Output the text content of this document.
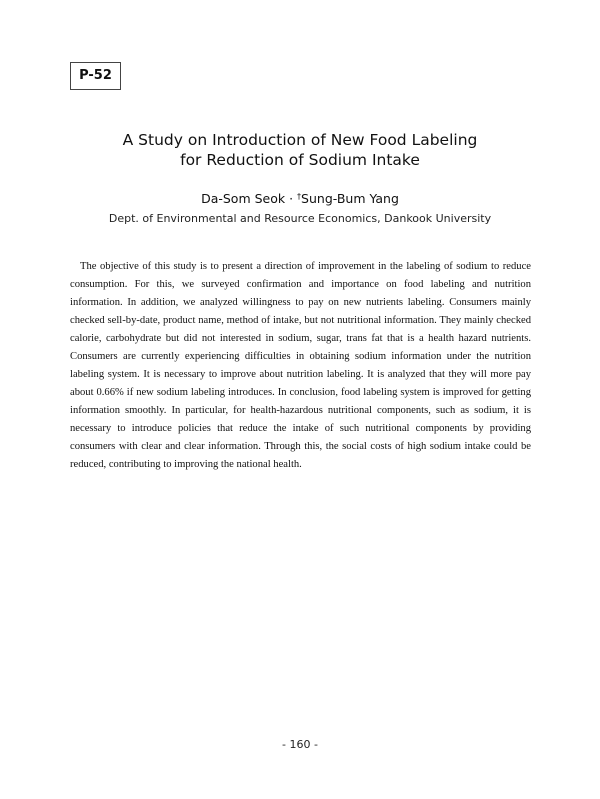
P-52
A Study on Introduction of New Food Labeling
for Reduction of Sodium Intake
Da-Som Seok · †Sung-Bum Yang
Dept. of Environmental and Resource Economics, Dankook University

The objective of this study is to present a direction of improvement in the labeling of sodium to reduce consumption. For this, we surveyed confirmation and importance on food labeling and nutrition information. In addition, we analyzed willingness to pay on new nutrients labeling. Consumers mainly checked sell-by-date, product name, method of intake, but not nutritional information. They mainly checked calorie, carbohydrate but did not interested in sodium, sugar, trans fat that is a health hazard nutrients. Consumers are currently experiencing difficulties in obtaining sodium information under the nutrition labeling system. It is necessary to improve about nutrition labeling. It is analyzed that they will more pay about 0.66% if new sodium labeling introduces. In conclusion, food labeling system is improved for getting information smoothly. In particular, for health-hazardous nutritional components, such as sodium, it is necessary to introduce policies that reduce the intake of such nutritional components by providing consumers with clear and clear information. Through this, the social costs of high sodium intake could be reduced, contributing to improving the national health.

- 160 -
